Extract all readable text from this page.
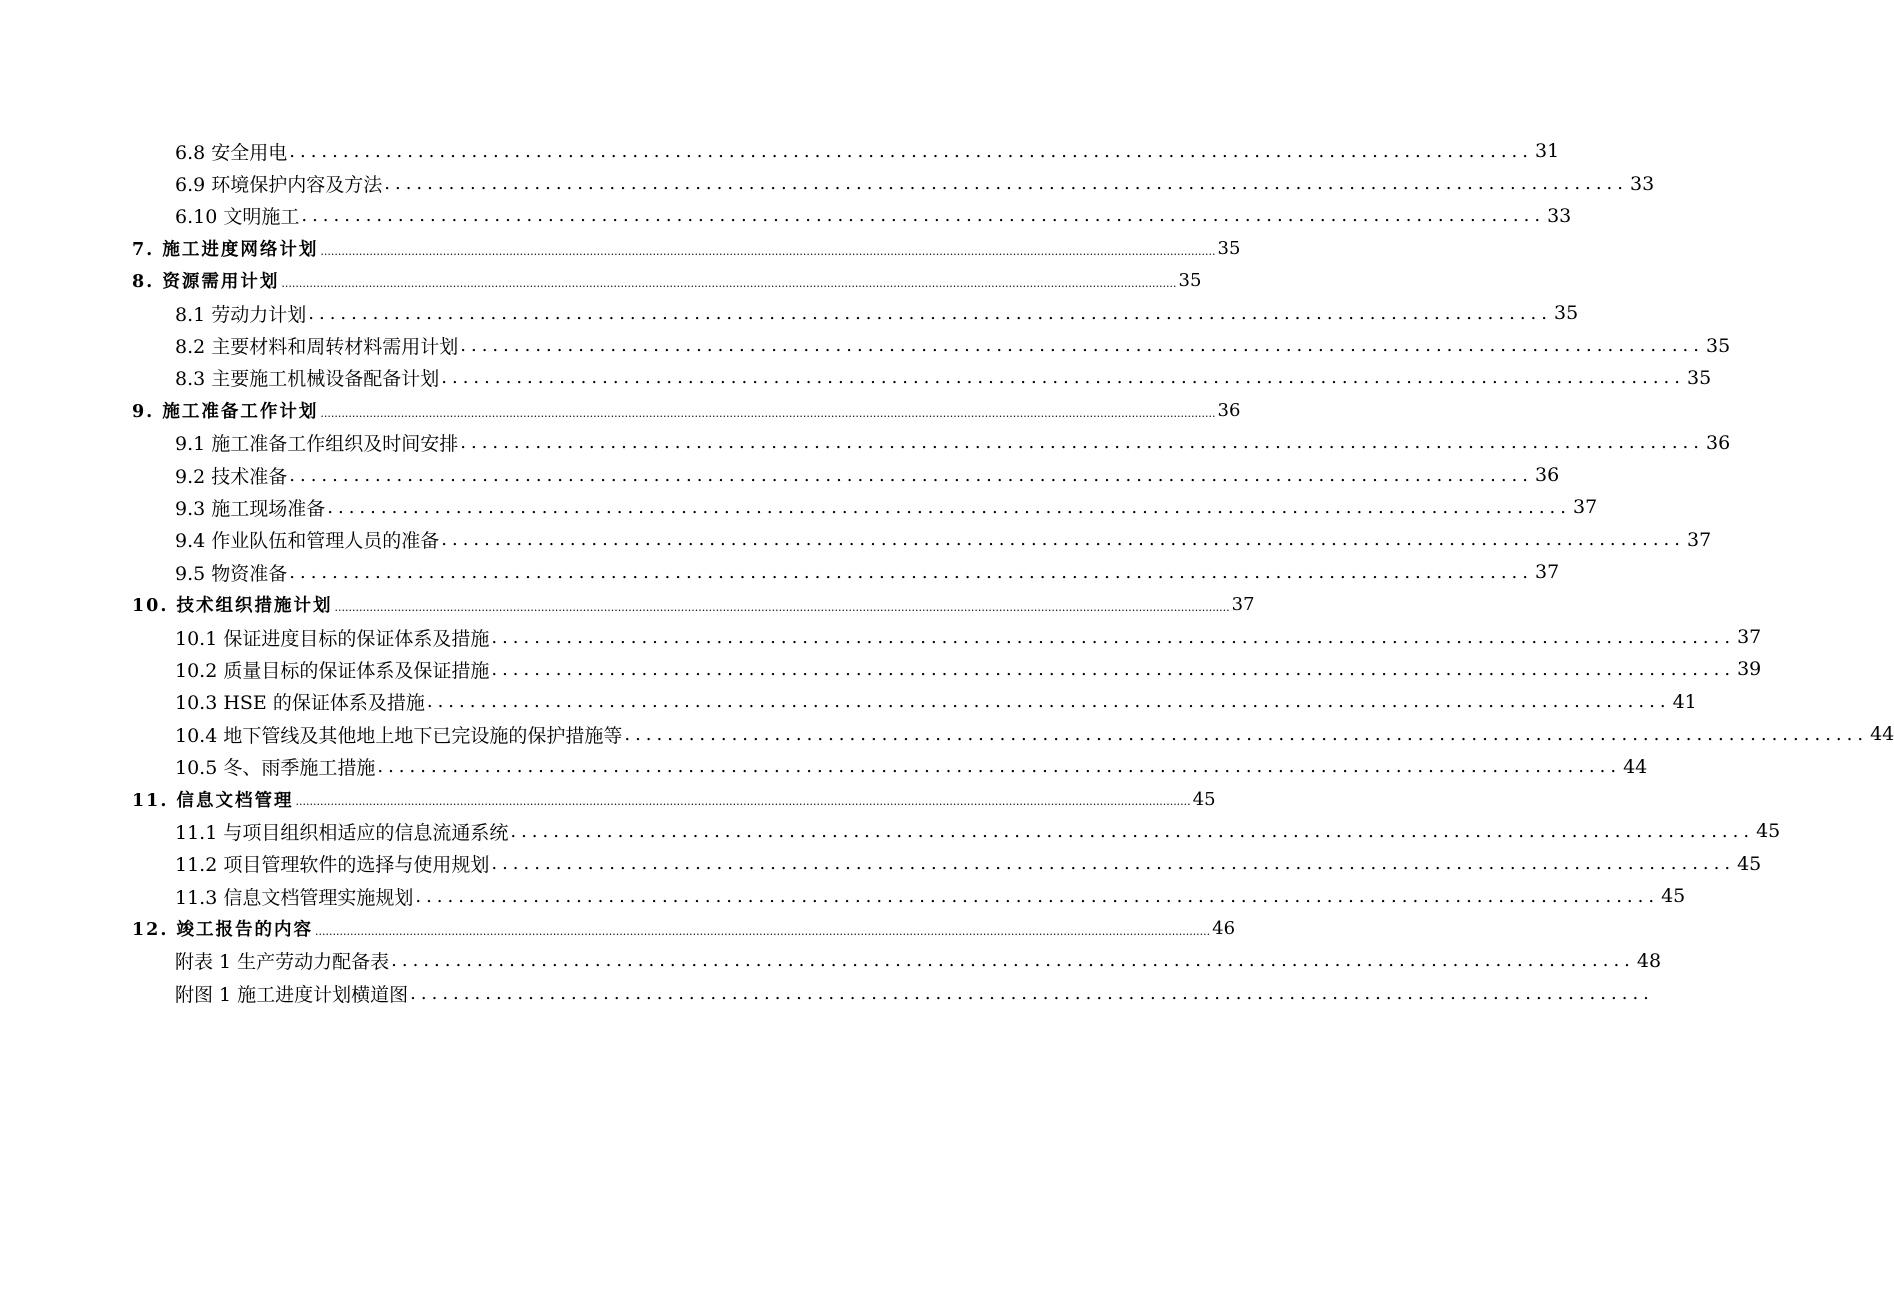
6.8 安全用电 .................................................................................................................... 31
6.9 环境保护内容及方法 .................................................................................................................... 33
6.10 文明施工 .................................................................................................................... 33
7. 施工进度网络计划 ................................................................................................................................................................................................................................................................ 35
8. 资源需用计划 ................................................................................................................................................................................................................................................................ 35
8.1 劳动力计划 .................................................................................................................... 35
8.2 主要材料和周转材料需用计划 .................................................................................................................... 35
8.3 主要施工机械设备配备计划 .................................................................................................................... 35
9. 施工准备工作计划 ................................................................................................................................................................................................................................................................ 36
9.1 施工准备工作组织及时间安排 .................................................................................................................... 36
9.2 技术准备 .................................................................................................................... 36
9.3 施工现场准备 .................................................................................................................... 37
9.4 作业队伍和管理人员的准备 .................................................................................................................... 37
9.5 物资准备 .................................................................................................................... 37
10. 技术组织措施计划 ................................................................................................................................................................................................................................................................ 37
10.1 保证进度目标的保证体系及措施 .................................................................................................................... 37
10.2 质量目标的保证体系及保证措施 .................................................................................................................... 39
10.3 HSE 的保证体系及措施 .................................................................................................................... 41
10.4 地下管线及其他地上地下已完设施的保护措施等 .................................................................................................................... 44
10.5 冬、雨季施工措施 .................................................................................................................... 44
11. 信息文档管理 ................................................................................................................................................................................................................................................................ 45
11.1 与项目组织相适应的信息流通系统 .................................................................................................................... 45
11.2 项目管理软件的选择与使用规划 .................................................................................................................... 45
11.3 信息文档管理实施规划 .................................................................................................................... 45
12. 竣工报告的内容 ................................................................................................................................................................................................................................................................ 46
附表 1 生产劳动力配备表 .................................................................................................................... 48
附图 1 施工进度计划横道图 ....................................................................................................................
